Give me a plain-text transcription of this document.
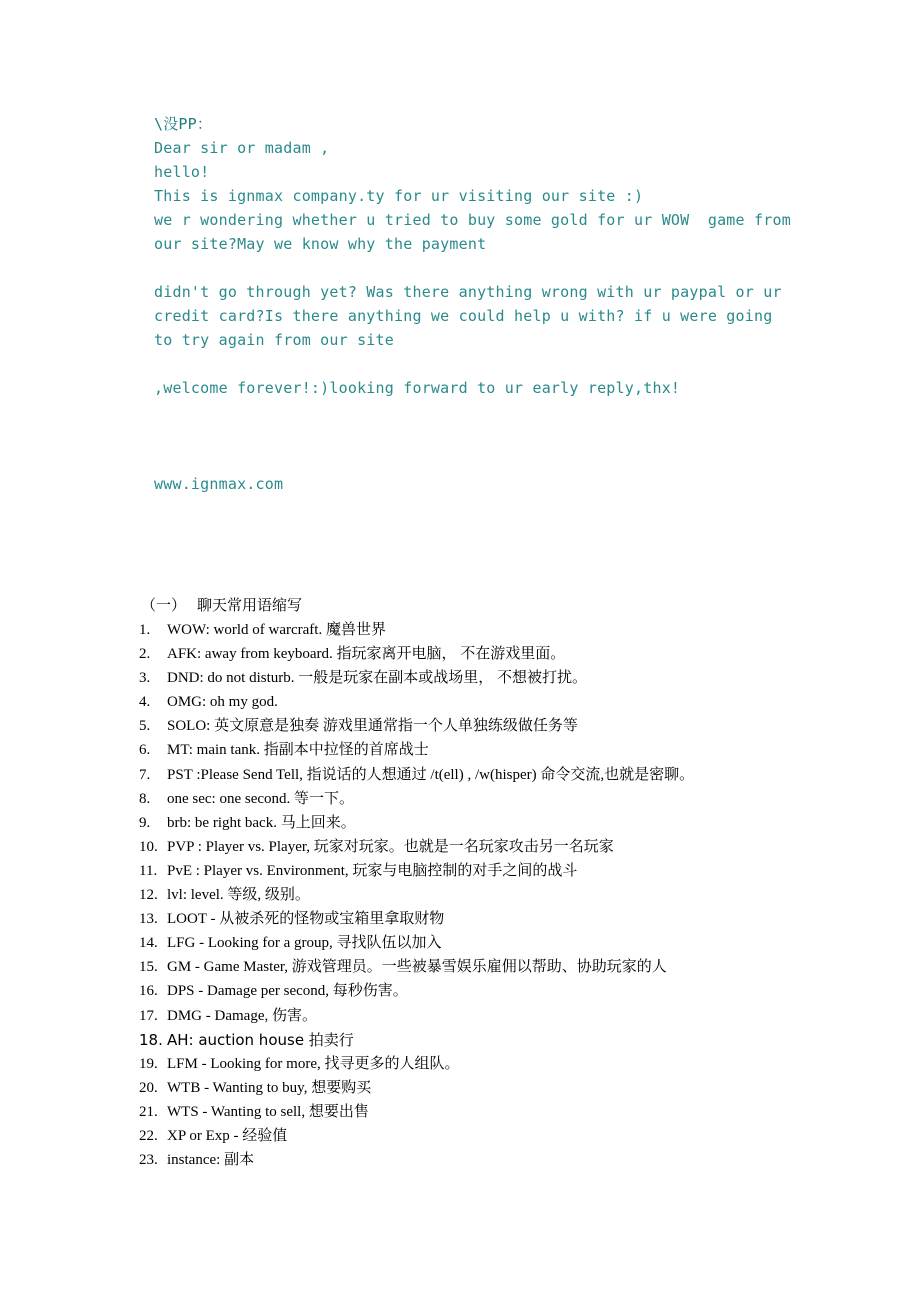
\没PP：
Dear sir or madam ,
hello!
This is ignmax company.ty for ur visiting our site :)
we r wondering whether u tried to buy some gold for ur WOW  game from our site?May we know why the payment
didn't go through yet? Was there anything wrong with ur paypal or ur credit card?Is there anything we could help u with? if u were going to try again from our site
,welcome forever!:)looking forward to ur early reply,thx!
www.ignmax.com
（一） 聊天常用语缩写
1. WOW: world of warcraft. 魔兽世界
2. AFK: away from keyboard. 指玩家离开电脑， 不在游戏里面。
3. DND: do not disturb. 一般是玩家在副本或战场里， 不想被打扰。
4. OMG: oh my god.
5. SOLO: 英文原意是独奏 游戏里通常指一个人单独练级做任务等
6. MT: main tank. 指副本中拉怪的首席战士
7. PST :Please Send Tell, 指说话的人想通过 /t(ell) , /w(hisper) 命令交流,也就是密聊。
8. one sec: one second. 等一下。
9. brb: be right back. 马上回来。
10. PVP : Player vs. Player, 玩家对玩家。也就是一名玩家攻击另一名玩家
11. PvE : Player vs. Environment, 玩家与电脑控制的对手之间的战斗
12. lvl: level. 等级, 级别。
13. LOOT - 从被杀死的怪物或宝箱里拿取财物
14. LFG - Looking for a group, 寻找队伍以加入
15. GM - Game Master, 游戏管理员。一些被暴雪娱乐雇佣以帮助、协助玩家的人
16. DPS - Damage per second, 每秒伤害。
17. DMG - Damage, 伤害。
18. AH: auction house 拍卖行
19. LFM - Looking for more, 找寻更多的人组队。
20. WTB - Wanting to buy, 想要购买
21. WTS - Wanting to sell, 想要出售
22. XP or Exp - 经验值
23. instance: 副本
